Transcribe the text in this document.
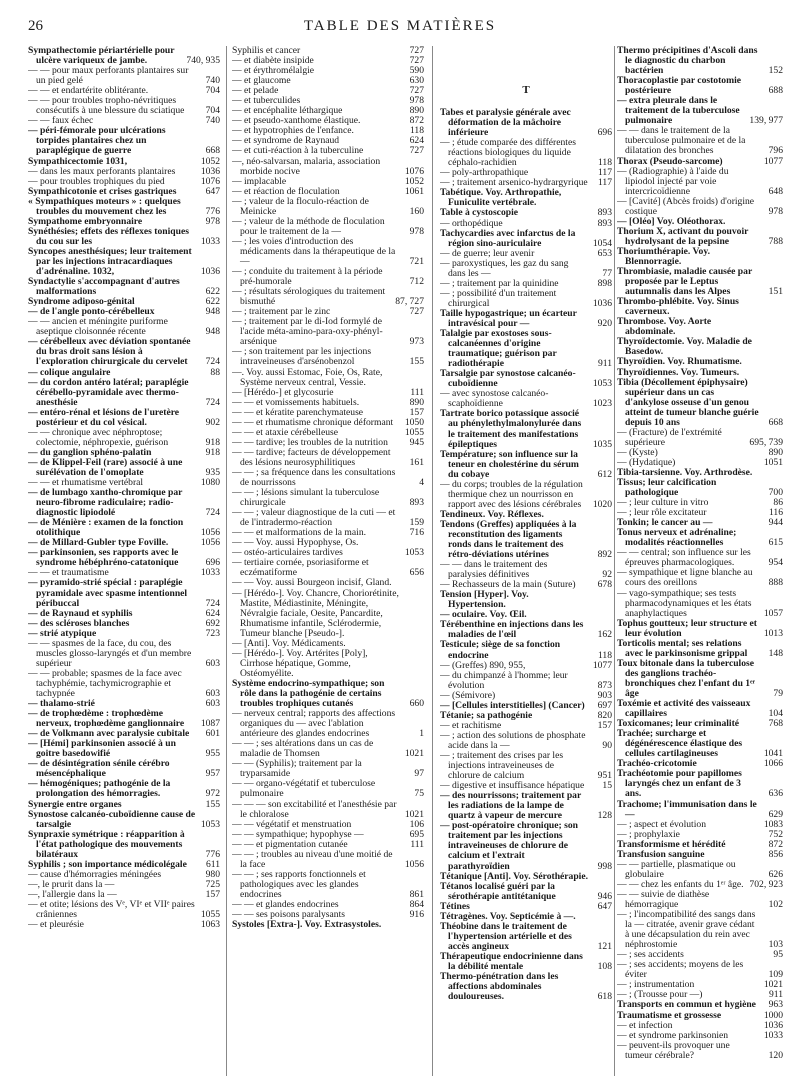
26	TABLE DES MATIÈRES
Sympathectomie périartérielle pour ulcère variqueux de jambe.	740, 935
— — pour maux perforants plantaires sur un pied gelé	740
— — et endartérite oblitérante.	704
— — pour troubles tropho-névritiques consécutifs à une blessure du sciatique 704
— — faux échec	740
— péri-fémorale pour ulcérations torpides plantaires chez un paraplégique de guerre	668
Sympathicectomie 1031,	1052
— dans les maux perforants plantaires	1036
— pour troubles trophiques du pied	1076
Sympathicotonie et crises gastriques	647
« Sympathiques moteurs » : quelques troubles du mouvement chez les	776
Sympathome embryonnaire	978
Synéthésies; effets des réflexes toniques du cou sur les	1033
Syncopes anesthésiques; leur traitement par les injections intracardiaques d'adrénaline. 1032,	1036
Syndactylie s'accompagnant d'autres malformations	622
Syndrome adiposo-génital	622
— de l'angle ponto-cérébelleux	948
— — ancien et méningite puriforme aseptique cloisonnée récente	948
— cérébelleux avec déviation spontanée du bras droit sans lésion à l'exploration chirurgicale du cervelet 724
— colique angulaire	88
— du cordon antéro latéral; paraplégie cérébello-pyramidale avec thermo-anesthésie	724
— entéro-rénal et lésions de l'uretère postérieur et du col vésical.	902
— — chronique avec néphroptose; colectomie, néphropexie, guérison	918
— du ganglion sphéno-palatin	918
— de Klippel-Feil (rare) associé à une surélévation de l'omoplate	935
— — et rhumatisme vertébral	1080
— de lumbago xantho-chromique par neuro-fibrome radiculaire; radio-diagnostic lipiodolé	724
— de Ménière : examen de la fonction otolithique	1056
— de Millard-Gubler type Foville.	1056
— parkinsonien, ses rapports avec le syndrome hébéphréno-catatonique	696
— — et traumatisme	1033
— pyramido-strié spécial : paraplégie pyramidale avec spasme intentionnel péribuccal	724
— de Raynaud et syphilis	624
— des scléroses blanches	692
— strié atypique	723
— — spasmes de la face, du cou, des muscles glosso-laryngés et d'un membre supérieur	603
— — probable; spasmes de la face avec tachyphémie, tachymicrographie et tachypnée	603
— thalamo-strié	603
— de trophœdème : trophœdème nerveux, trophœdème ganglionnaire 1087
— de Volkmann avec paralysie cubitale 601
— [Hémi] parkinsonien associé à un goitre basedowifié	955
— de désintégration sénile cérébro mésencéphalique	957
— hémogéniques; pathogénie de la prolongation des hémorragies.	972
Synergie entre organes	155
Synostose calcanéo-cuboïdienne cause de tarsalgie	1053
Synpraxie symétrique : réapparition à l'état pathologique des mouvements bilatéraux	776
Syphilis ; son importance médicolégale 611
— cause d'hémorragies méningées	980
—, le prurit dans la —	725
—, l'allergie dans la —	157
— et otite; lésions des Vᵉ, VIᵉ et VIIᵉ paires crâniennes	1055
— et pleurésie	1063
Syphilis et cancer	727
— et diabète insipide	727
— et érythromélalgie	590
— et glaucome	630
— et pelade	727
— et tuberculides	978
— et encéphalite léthargique	890
— et pseudo-xanthome élastique.	872
— et hypotrophies de l'enfance.	118
— et syndrome de Raynaud	624
— et cuti-réaction à la tuberculine	727
—, néo-salvarsan, malaria, association morbide nocive	1076
— implacable	1052
— et réaction de floculation	1061
— ; valeur de la floculo-réaction de Meinicke	160
— ; valeur de la méthode de floculation pour le traitement de la —	978
— ; les voies d'introduction des médicaments dans la thérapeutique de la —	721
— ; conduite du traitement à la période pré-humorale	712
— ; résultats sérologiques du traitement bismuthé	87, 727
— ; traitement par le zinc	727
— ; traitement par le di-Iod formylé de l'acide méta-amino-para-oxy-phényl-arsénique	973
— ; son traitement par les injections intraveineuses d'arsénobenzol	155
—. Voy. aussi Estomac, Foie, Os, Rate, Système nerveux central, Vessie.
— [Hérédo-] et glycosurie	111
— — et vomissements habituels.	890
— — et kératite parenchymateuse	157
— — et rhumatisme chronique déformant 1050
— — et ataxie cérébelleuse	1055
— — tardive; les troubles de la nutrition 945
— — tardive; facteurs de développement des lésions neurosyphilitiques	161
— — ; sa fréquence dans les consultations de nourrissons	4
— — ; lésions simulant la tuberculose chirurgicale	893
— — ; valeur diagnostique de la cuti — et de l'intradermo-réaction	159
— — et malformations de la main.	716
— — Voy. aussi Hypophyse, Os.
— ostéo-articulaires tardives	1053
— tertiaire cornée, psoriasiforme et eczématiforme	656
— — Voy. aussi Bourgeon incisif, Gland.
— [Hérédo-]. Voy. Chancre, Choriorétinite, Mastite, Médiastinite, Méningite, Névralgie faciale, Oesite, Pancardite, Rhumatisme infantile, Sclérodermie, Tumeur blanche [Pseudo-].
— [Anti]. Voy. Médicaments.
— [Hérédo-]. Voy. Artérites [Poly], Cirrhose hépatique, Gomme, Ostéomyélite.
Système endocrino-sympathique; son rôle dans la pathogénie de certains troubles trophiques cutanés	660
— nerveux central; rapports des affections organiques du — avec l'ablation antérieure des glandes endocrines	1
— — ; ses altérations dans un cas de maladie de Thomsen	1021
— — (Syphilis); traitement par la tryparsamide	97
— — organo-végétatif et tuberculose pulmonaire	75
— — — son excitabilité et l'anesthésie par le chloralose	1021
— — végétatif et menstruation	106
— — sympathique; hypophyse —	695
— — et pigmentation cutanée	111
— — ; troubles au niveau d'une moitié de la face	1056
— — ; ses rapports fonctionnels et pathologiques avec les glandes endocrines	861
— — et glandes endocrines	864
— — ses poisons paralysants	916
Systoles [Extra-]. Voy. Extrasystoles.
T
Tabes et paralysie générale avec déformation de la mâchoire inférieure	696
— ; étude comparée des différentes réactions biologiques du liquide céphalo-rachidien	118
— poly-arthropathique	117
— ; traitement arsenico-hydrargyrique 117
Tabétique. Voy. Arthropathie, Funiculite vertébrale.
Table à cystoscopie	893
— orthopédique	893
Tachycardies avec infarctus de la région sino-auriculaire	1054
— de guerre; leur avenir	653
— paroxystiques, les gaz du sang dans les —	77
— ; traitement par la quinidine	898
— ; possibilité d'un traitement chirurgical	1036
Taille hypogastrique; un écarteur intravésical pour —	920
Talalgie par exostoses sous-calcanéennes d'origine traumatique; guérison par radiothérapie	911
Tarsalgie par synostose calcanéo-cuboïdienne	1053
— avec synostose calcanéo-scaphoïdienne	1023
Tartrate borico potassique associé au phénylethylmalonylurée dans le traitement des manifestations épileptiques	1035
Température; son influence sur la teneur en cholestérine du sérum du cobaye	612
— du corps; troubles de la régulation thermique chez un nourrisson en rapport avec des lésions cérébrales 1020
Tendineux. Voy. Réflexes.
Tendons (Greffes) appliquées à la reconstitution des ligaments ronds dans le traitement des rétro-déviations utérines	892
— — dans le traitement des paralysies définitives	92
— Rechasseurs de la main (Suture) 678
Tension [Hyper]. Voy. Hypertension.
— oculaire. Voy. Œil.
Térébenthine en injections dans les maladies de l'œil	162
Testicule; siège de sa fonction endocrine	118
— (Greffes) 890, 955,	1077
— du chimpanzé à l'homme; leur évolution	873
— (Sémivore)	903
— [Cellules interstitielles] (Cancer) 697
Tétanie; sa pathogénie	820
— et rachitisme	157
— ; action des solutions de phosphate acide dans la —	90
— ; traitement des crises par les injections intraveineuses de chlorure de calcium	951
— digestive et insuffisance hépatique 15
— des nourrissons; traitement par les radiations de la lampe de quartz à vapeur de mercure	128
— post-opératoire chronique; son traitement par les injections intraveineuses de chlorure de calcium et l'extrait parathyroïdien	998
Tétanique [Anti]. Voy. Sérothérapie.
Tétanos localisé guéri par la sérothérapie antitétanique	946
Tétines	647
Tétragènes. Voy. Septicémie à —.
Théobine dans le traitement de l'hypertension artérielle et des accès angineux	121
Thérapeutique endocrinienne dans la débilité mentale	108
Thermo-pénétration dans les affections abdominales douloureuses.	618
Thermo précipitines d'Ascoli dans le diagnostic du charbon bactérien	152
Thoracoplastie par costotomie postérieure	688
— extra pleurale dans le traitement de la tuberculose pulmonaire	139, 977
— — dans le traitement de la tuberculose pulmonaire et de la dilatation des bronches	796
Thorax (Pseudo-sarcome)	1077
— (Radiographie) à l'aide du lipiodol injecté par voie intercricoïdienne	648
— [Cavité] (Abcès froids) d'origine costique	978
— [Oléo] Voy. Oléothorax.
Thorium X, activant du pouvoir hydrolysant de la pepsine	788
Thoriumthérapie. Voy. Blennorragie.
Thrombiasie, maladie causée par proposée par le Leptus autumnalis dans les Alpes	151
Thrombo-phlébite. Voy. Sinus caverneux.
Thrombose. Voy. Aorte abdominale.
Thyroïdectomie. Voy. Maladie de Basedow.
Thyroïdien. Voy. Rhumatisme.
Thyroïdiennes. Voy. Tumeurs.
Tibia (Décollement épiphysaire) supérieur dans un cas d'ankylose osseuse d'un genou atteint de tumeur blanche guérie depuis 10 ans	668
— (Fracture) de l'extrémité supérieure	695, 739
— (Kyste)	890
— (Hydatique)	1051
Tibia-tarsienne. Voy. Arthrodèse.
Tissus; leur calcification pathologique	700
— ; leur culture in vitro	86
— ; leur rôle excitateur	116
Tonkin; le cancer au —	944
Tonus nerveux et adrénaline; modalités réactionnelles	615
— — central; son influence sur les épreuves pharmacologiques.	954
— sympathique et ligne blanche au cours des oreillons	888
— vago-sympathique; ses tests pharmacodynamiques et les états anaphylactiques	1057
Tophus goutteux; leur structure et leur évolution	1013
Torticolis mental; ses relations avec le parkinsonisme grippal 148
Toux bitonale dans la tuberculose des ganglions trachéo-bronchiques chez l'enfant du 1ᵉʳ âge	79
Toxémie et activité des vaisseaux capillaires	104
Toxicomanes; leur criminalité	768
Trachée; surcharge et dégénérescence élastique des cellules cartilagineuses	1041
Trachéo-cricotomie	1066
Trachéotomie pour papillomes laryngés chez un enfant de 3 ans.	636
Trachome; l'immunisation dans le —	629
— ; aspect et évolution	1083
— ; prophylaxie	752
Transformisme et hérédité	872
Transfusion sanguine	856
— — partielle, plasmatique ou globulaire	626
— — chez les enfants du 1ᵉʳ âge. 702, 923
— — suivie de diathèse hémorragique	102
— ; l'incompatibilité des sangs dans la — citratée, avenir grave cédant à une décapsulation du rein avec néphrostomie	103
— ; ses accidents	95
— ; ses accidents; moyens de les éviter	109
— ; instrumentation	1021
— ; (Trousse pour —)	911
Transports en commun et hygiène 963
Traumatisme et grossesse	1000
— et infection	1036
— et syndrome parkinsonien	1033
— peuvent-ils provoquer une tumeur cérébrale?	120
